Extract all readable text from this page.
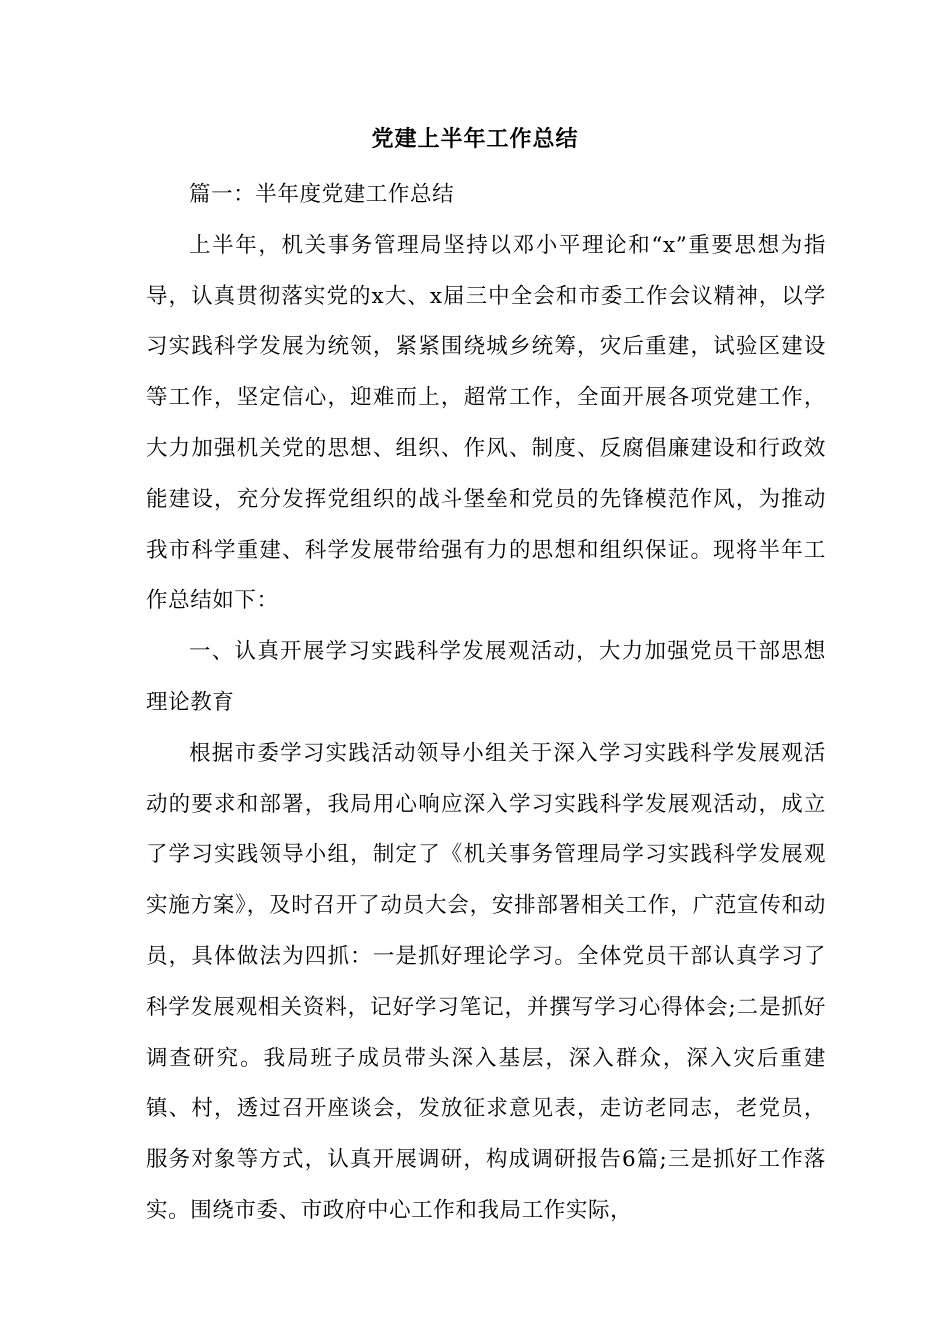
党建上半年工作总结

篇一：半年度党建工作总结

上半年，机关事务管理局坚持以邓小平理论和“x”重要思想为指导，认真贯彻落实党的x大、x届三中全会和市委工作会议精神，以学习实践科学发展为统领，紧紧围绕城乡统筹，灾后重建，试验区建设等工作，坚定信心，迎难而上，超常工作，全面开展各项党建工作，大力加强机关党的思想、组织、作风、制度、反腐倡廉建设和行政效能建设，充分发挥党组织的战斗堡垒和党员的先锋模范作风，为推动我市科学重建、科学发展带给强有力的思想和组织保证。现将半年工作总结如下：

一、认真开展学习实践科学发展观活动，大力加强党员干部思想理论教育

根据市委学习实践活动领导小组关于深入学习实践科学发展观活动的要求和部署，我局用心响应深入学习实践科学发展观活动，成立了学习实践领导小组，制定了《机关事务管理局学习实践科学发展观实施方案》，及时召开了动员大会，安排部署相关工作，广范宣传和动员，具体做法为四抓：一是抓好理论学习。全体党员干部认真学习了科学发展观相关资料，记好学习笔记，并撰写学习心得体会;二是抓好调查研究。我局班子成员带头深入基层，深入群众，深入灾后重建镇、村，透过召开座谈会，发放征求意见表，走访老同志，老党员，服务对象等方式，认真开展调研，构成调研报告6篇;三是抓好工作落实。围绕市委、市政府中心工作和我局工作实际，
